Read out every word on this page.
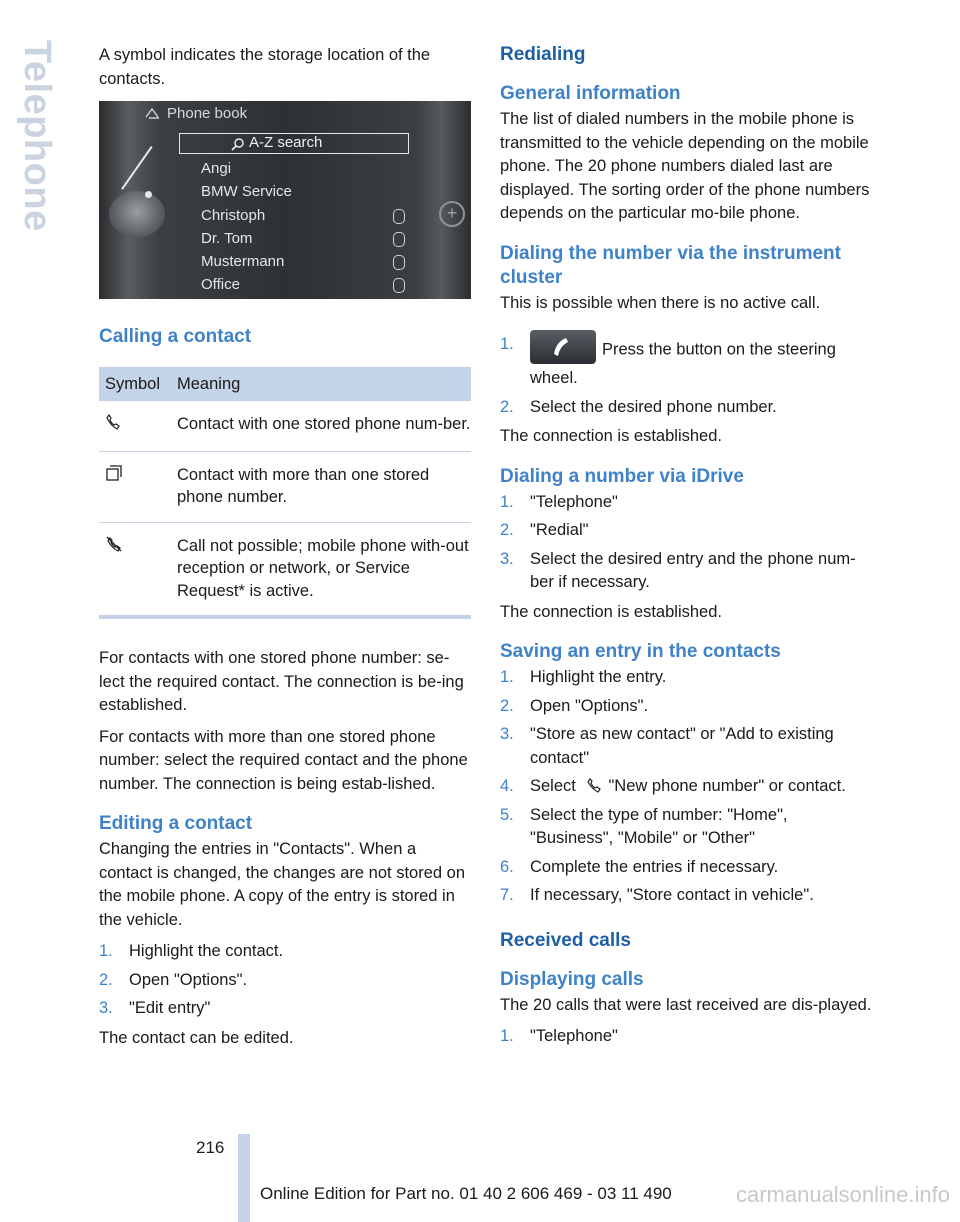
Telephone A symbol indicates the storage location of the contacts.

Phone book
A-Z search
Angi
BMW Service
Christoph
Dr. Tom
Mustermann
Office
+
Calling a contact
Symbol	Meaning
	Contact with one stored phone num-ber.
	Contact with more than one stored phone number.
	Call not possible; mobile phone with-out reception or network, or Service Request* is active.

For contacts with one stored phone number: se-lect the required contact. The connection is be-ing established.

For contacts with more than one stored phone number: select the required contact and the phone number. The connection is being estab-lished.

Editing a contact

Changing the entries in "Contacts". When a contact is changed, the changes are not stored on the mobile phone. A copy of the entry is stored in the vehicle.

1. Highlight the contact.
2. Open "Options".
3. "Edit entry"

The contact can be edited.

Redialing
General information

The list of dialed numbers in the mobile phone is transmitted to the vehicle depending on the mobile phone. The 20 phone numbers dialed last are displayed. The sorting order of the phone numbers depends on the particular mo-bile phone.

Dialing the number via the instrument cluster

This is possible when there is no active call.

1.	Press the button on the steering wheel.
2. Select the desired phone number.

The connection is established.

Dialing a number via iDrive
1. "Telephone"
2. "Redial"
3. Select the desired entry and the phone num-ber if necessary.

The connection is established.

Saving an entry in the contacts
1. Highlight the entry.
2. Open "Options".
3. "Store as new contact" or "Add to existing contact"
4. Select "New phone number" or contact.
5. Select the type of number: "Home", "Business", "Mobile" or "Other"
6. Complete the entries if necessary.
7. If necessary, "Store contact in vehicle".
Received calls
Displaying calls

The 20 calls that were last received are dis-played.

1. "Telephone"
216
Online Edition for Part no. 01 40 2 606 469 - 03 11 490	carmanualsonline.info
